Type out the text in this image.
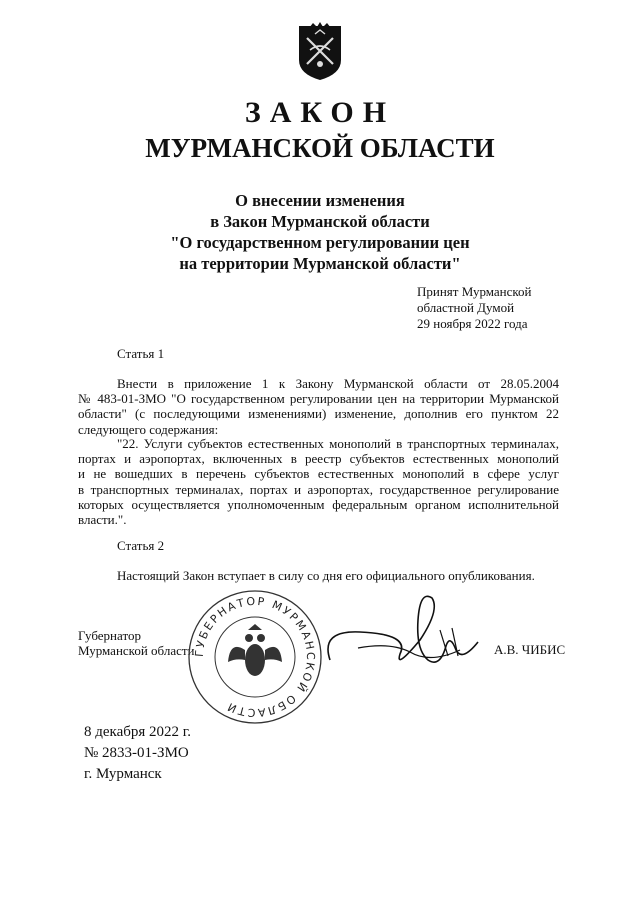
ЗАКОН
МУРМАНСКОЙ ОБЛАСТИ
О внесении изменения
в Закон Мурманской области
"О государственном регулировании цен
на территории Мурманской области"
Принят Мурманской
областной Думой
29 ноября 2022 года
Статья 1
Внести в приложение 1 к Закону Мурманской области от 28.05.2004
№ 483-01-ЗМО "О государственном регулировании цен на территории Мурманской
области" (с последующими изменениями) изменение, дополнив его пунктом 22
следующего содержания:
"22. Услуги субъектов естественных монополий в транспортных терминалах,
портах и аэропортах, включенных в реестр субъектов естественных монополий
и не вошедших в перечень субъектов естественных монополий в сфере услуг
в транспортных терминалах, портах и аэропортах, государственное регулирование
которых осуществляется уполномоченным федеральным органом исполнительной
власти.".
Статья 2
Настоящий Закон вступает в силу со дня его официального опубликования.
Губернатор
Мурманской области
ГУБЕРНАТОР МУРМАНСКОЙ ОБЛАСТИ
А.В. ЧИБИС
8 декабря 2022 г.
№ 2833-01-ЗМО
г. Мурманск
